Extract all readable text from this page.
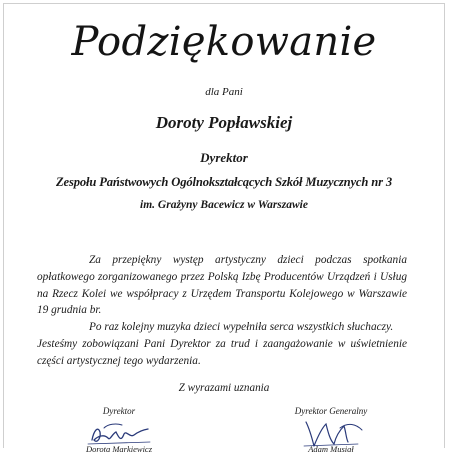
Podziękowanie
dla Pani
Doroty Popławskiej
Dyrektor
Zespołu Państwowych Ogólnokształcących Szkół Muzycznych nr 3
im. Grażyny Bacewicz w Warszawie

Za przepiękny występ artystyczny dzieci podczas spotkania opłatkowego zorganizowanego przez Polską Izbę Producentów Urządzeń i Usług na Rzecz Kolei we współpracy z Urzędem Transportu Kolejowego w Warszawie 19 grudnia br.

Po raz kolejny muzyka dzieci wypełniła serca wszystkich słuchaczy.

Jesteśmy zobowiązani Pani Dyrektor za trud i zaangażowanie w uświetnienie części artystycznej tego wydarzenia.

Z wyrazami uznania
Dyrektor
Dorota Markiewicz
Dyrektor Generalny
Adam Musiał
